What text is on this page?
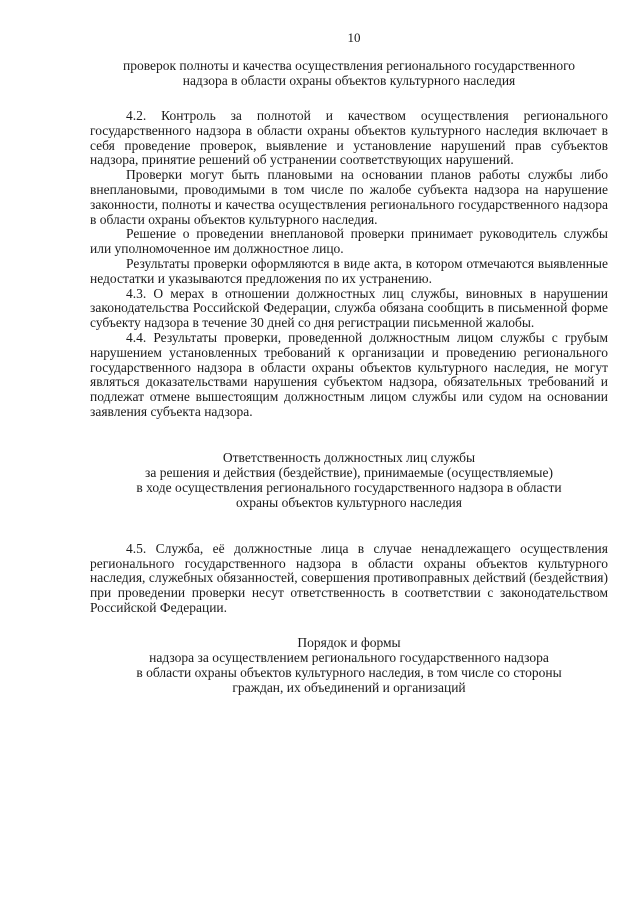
10
проверок полноты и качества осуществления регионального государственного
надзора в области охраны объектов культурного наследия

4.2. Контроль за полнотой и качеством осуществления регионального государственного надзора в области охраны объектов культурного наследия включает в себя проведение проверок, выявление и установление нарушений прав субъектов надзора, принятие решений об устранении соответствующих нарушений.

Проверки могут быть плановыми на основании планов работы службы либо внеплановыми, проводимыми в том числе по жалобе субъекта надзора на нарушение законности, полноты и качества осуществления регионального государственного надзора в области охраны объектов культурного наследия.

Решение о проведении внеплановой проверки принимает руководитель службы или уполномоченное им должностное лицо.

Результаты проверки оформляются в виде акта, в котором отмечаются выявленные недостатки и указываются предложения по их устранению.

4.3. О мерах в отношении должностных лиц службы, виновных в нарушении законодательства Российской Федерации, служба обязана сообщить в письменной форме субъекту надзора в течение 30 дней со дня регистрации письменной жалобы.

4.4. Результаты проверки, проведенной должностным лицом службы с грубым нарушением установленных требований к организации и проведению регионального государственного надзора в области охраны объектов культурного наследия, не могут являться доказательствами нарушения субъектом надзора, обязательных требований и подлежат отмене вышестоящим должностным лицом службы или судом на основании заявления субъекта надзора.

Ответственность должностных лиц службы
за решения и действия (бездействие), принимаемые (осуществляемые)
в ходе осуществления регионального государственного надзора в области
охраны объектов культурного наследия

4.5. Служба, её должностные лица в случае ненадлежащего осуществления регионального государственного надзора в области охраны объектов культурного наследия, служебных обязанностей, совершения противоправных действий (бездействия) при проведении проверки несут ответственность в соответствии с законодательством Российской Федерации.

Порядок и формы
надзора за осуществлением регионального государственного надзора
в области охраны объектов культурного наследия, в том числе со стороны
граждан, их объединений и организаций
